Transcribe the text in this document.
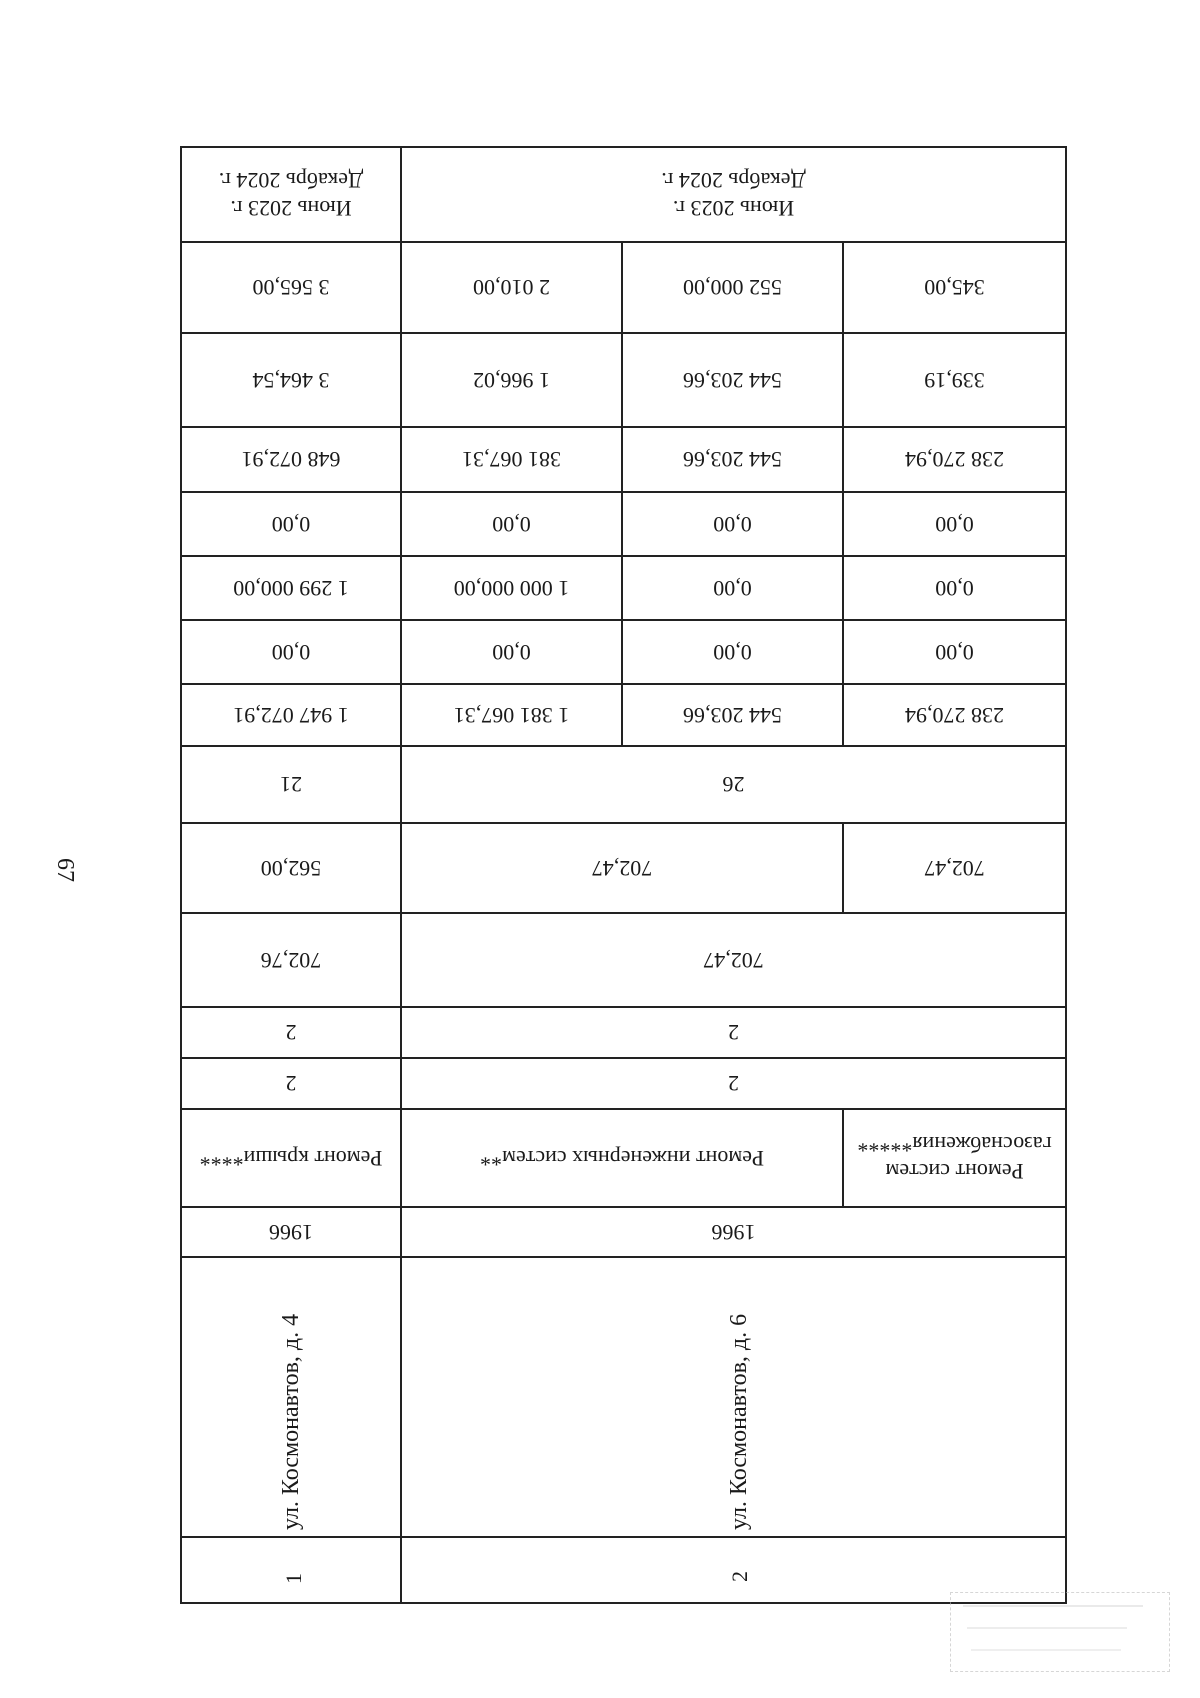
67
Июнь 2023 г.
Декабрь 2024 г.
3 565,00
3 464,54
648 072,91
0,00
1 299 000,00
0,00
1 947 072,91
21
562,00
702,76
2
2
Ремонт крыши****
1966
ул. Космонавтов, д. 4
1
Июнь 2023 г.
Декабрь 2024 г.
26
702,47
2
2
1966
ул. Космонавтов, д. 6
2
2 010,00
1 966,02
381 067,31
0,00
1 000 000,00
0,00
1 381 067,31
702,47
Ремонт инженерных систем**
552 000,00
544 203,66
544 203,66
0,00
0,00
0,00
544 203,66
345,00
339,19
238 270,94
0,00
0,00
0,00
238 270,94
702,47
Ремонт систем газоснабжения*****
